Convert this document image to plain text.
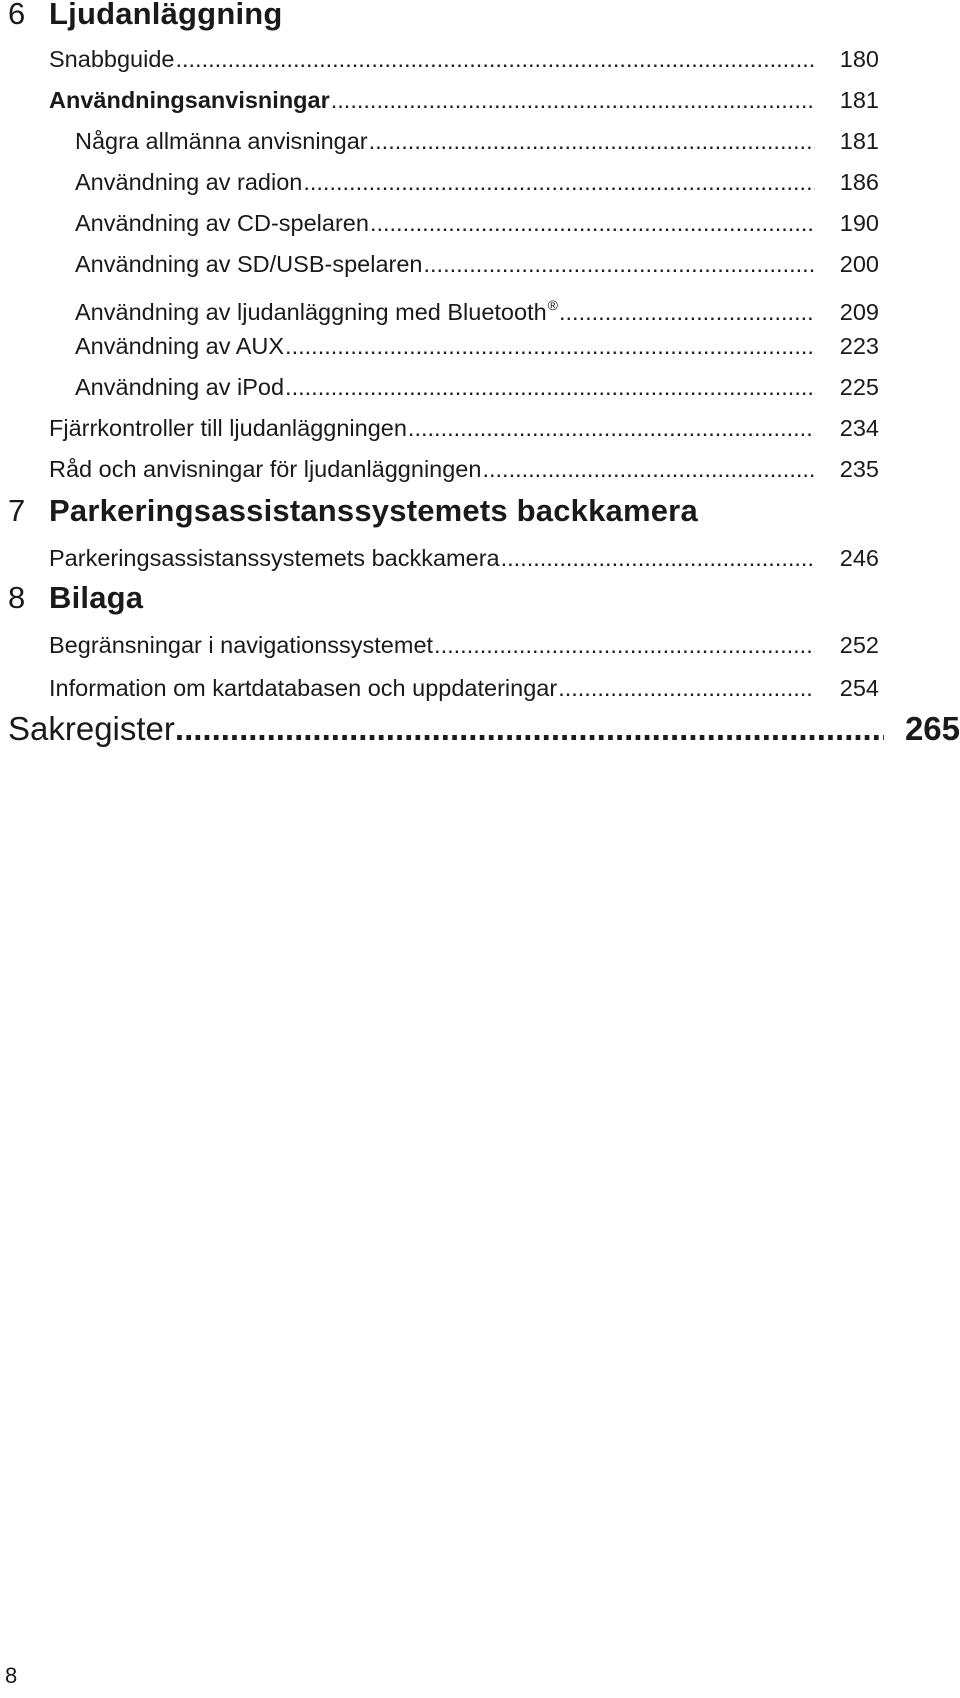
6 Ljudanläggning
Snabbguide .....	180
Användningsanvisningar .....	181
Några allmänna anvisningar .....	181
Användning av radion .....	186
Användning av CD-spelaren .....	190
Användning av SD/USB-spelaren .....	200
Användning av ljudanläggning med Bluetooth® .....	209
Användning av AUX .....	223
Användning av iPod .....	225
Fjärrkontroller till ljudanläggningen .....	234
Råd och anvisningar för ljudanläggningen .....	235
7 Parkeringsassistanssystemets backkamera
Parkeringsassistanssystemets backkamera .....	246
8 Bilaga
Begränsningar i navigationssystemet .....	252
Information om kartdatabasen och uppdateringar .....	254
Sakregister .....	265
8
